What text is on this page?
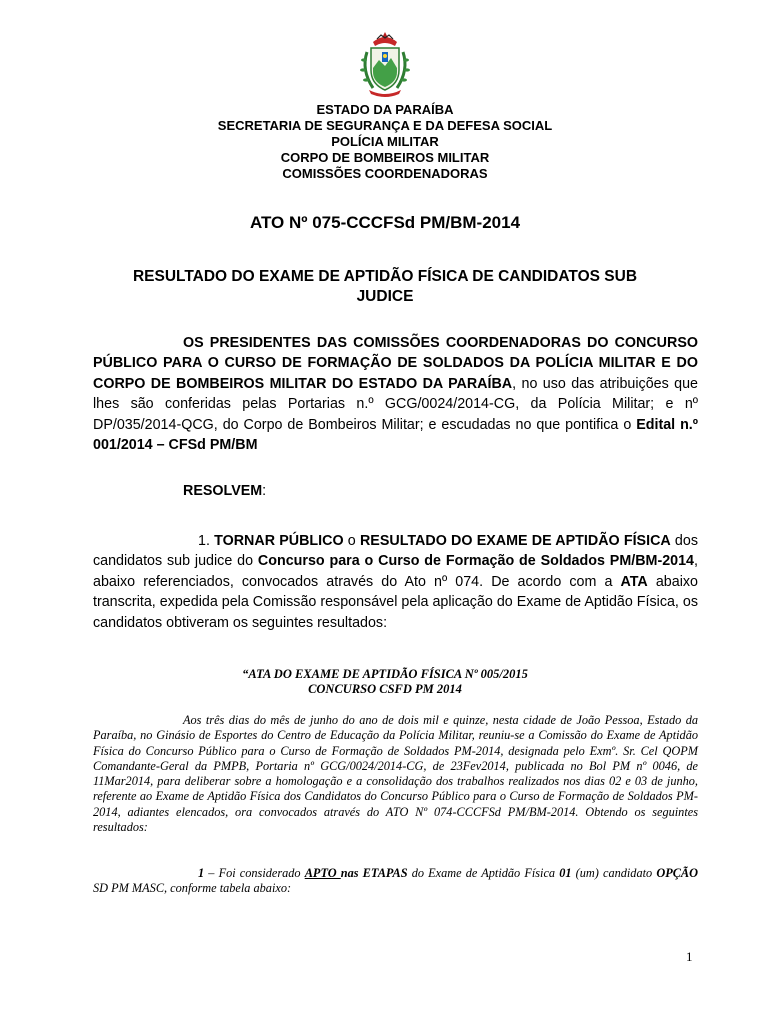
ESTADO DA PARAÍBA
SECRETARIA DE SEGURANÇA E DA DEFESA SOCIAL
POLÍCIA MILITAR
CORPO DE BOMBEIROS MILITAR
COMISSÕES COORDENADORAS
ATO Nº 075-CCCFSd PM/BM-2014
RESULTADO DO EXAME DE APTIDÃO FÍSICA DE CANDIDATOS SUB JUDICE
OS PRESIDENTES DAS COMISSÕES COORDENADORAS DO CONCURSO PÚBLICO PARA O CURSO DE FORMAÇÃO DE SOLDADOS DA POLÍCIA MILITAR E DO CORPO DE BOMBEIROS MILITAR DO ESTADO DA PARAÍBA, no uso das atribuições que lhes são conferidas pelas Portarias n.º GCG/0024/2014-CG, da Polícia Militar; e nº DP/035/2014-QCG, do Corpo de Bombeiros Militar; e escudadas no que pontifica o Edital n.º 001/2014 – CFSd PM/BM
RESOLVEM:
1. TORNAR PÚBLICO o RESULTADO DO EXAME DE APTIDÃO FÍSICA dos candidatos sub judice do Concurso para o Curso de Formação de Soldados PM/BM-2014, abaixo referenciados, convocados através do Ato nº 074. De acordo com a ATA abaixo transcrita, expedida pela Comissão responsável pela aplicação do Exame de Aptidão Física, os candidatos obtiveram os seguintes resultados:
“ATA DO EXAME DE APTIDÃO FÍSICA Nº 005/2015
CONCURSO CSFD PM 2014
Aos três dias do mês de junho do ano de dois mil e quinze, nesta cidade de João Pessoa, Estado da Paraíba, no Ginásio de Esportes do Centro de Educação da Polícia Militar, reuniu-se a Comissão do Exame de Aptidão Física do Concurso Público para o Curso de Formação de Soldados PM-2014, designada pelo Exmº. Sr. Cel QOPM Comandante-Geral da PMPB, Portaria nº GCG/0024/2014-CG, de 23Fev2014, publicada no Bol PM nº 0046, de 11Mar2014, para deliberar sobre a homologação e a consolidação dos trabalhos realizados nos dias 02 e 03 de junho, referente ao Exame de Aptidão Física dos Candidatos do Concurso Público para o Curso de Formação de Soldados PM-2014, adiantes elencados, ora convocados através do ATO Nº 074-CCCFSd PM/BM-2014. Obtendo os seguintes resultados:
1 – Foi considerado APTO nas ETAPAS do Exame de Aptidão Física 01 (um) candidato OPÇÃO SD PM MASC, conforme tabela abaixo:
1
